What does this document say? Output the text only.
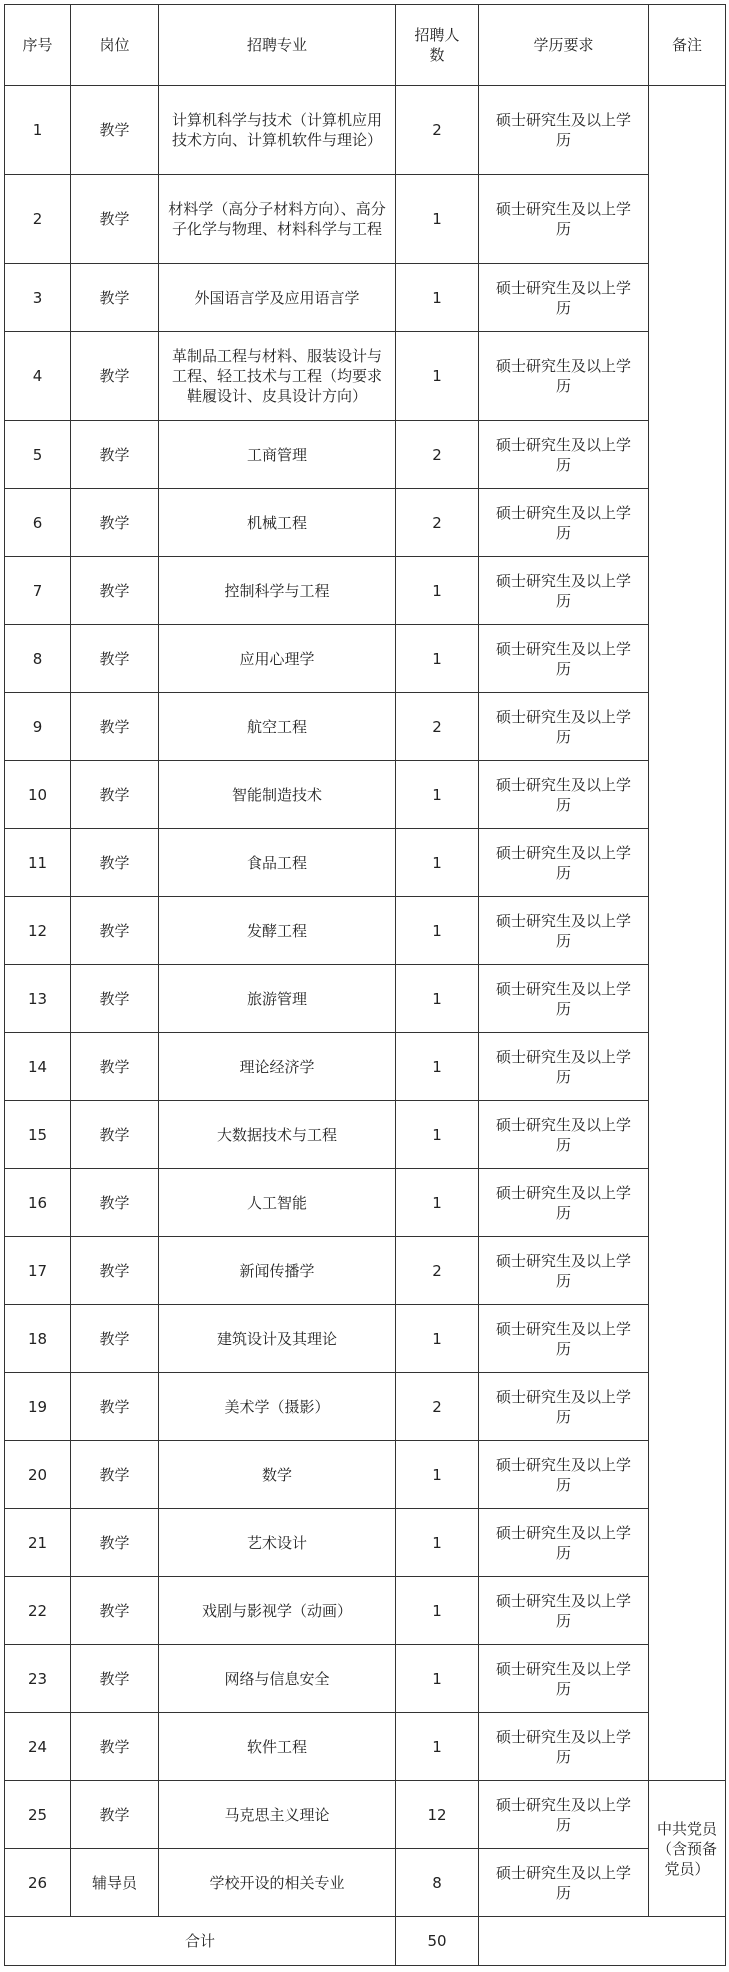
序号	岗位	招聘专业	招聘人数	学历要求	备注
1	教学	计算机科学与技术（计算机应用技术方向、计算机软件与理论）	2	硕士研究生及以上学历	
2	教学	材料学（高分子材料方向）、高分子化学与物理、材料科学与工程	1	硕士研究生及以上学历	
3	教学	外国语言学及应用语言学	1	硕士研究生及以上学历	
4	教学	革制品工程与材料、服装设计与工程、轻工技术与工程（均要求鞋履设计、皮具设计方向）	1	硕士研究生及以上学历	
5	教学	工商管理	2	硕士研究生及以上学历	
6	教学	机械工程	2	硕士研究生及以上学历	
7	教学	控制科学与工程	1	硕士研究生及以上学历	
8	教学	应用心理学	1	硕士研究生及以上学历	
9	教学	航空工程	2	硕士研究生及以上学历	
10	教学	智能制造技术	1	硕士研究生及以上学历	
11	教学	食品工程	1	硕士研究生及以上学历	
12	教学	发酵工程	1	硕士研究生及以上学历	
13	教学	旅游管理	1	硕士研究生及以上学历	
14	教学	理论经济学	1	硕士研究生及以上学历	
15	教学	大数据技术与工程	1	硕士研究生及以上学历	
16	教学	人工智能	1	硕士研究生及以上学历	
17	教学	新闻传播学	2	硕士研究生及以上学历	
18	教学	建筑设计及其理论	1	硕士研究生及以上学历	
19	教学	美术学（摄影）	2	硕士研究生及以上学历	
20	教学	数学	1	硕士研究生及以上学历	
21	教学	艺术设计	1	硕士研究生及以上学历	
22	教学	戏剧与影视学（动画）	1	硕士研究生及以上学历	
23	教学	网络与信息安全	1	硕士研究生及以上学历	
24	教学	软件工程	1	硕士研究生及以上学历	
25	教学	马克思主义理论	12	硕士研究生及以上学历	中共党员（含预备党员）
26	辅导员	学校开设的相关专业	8	硕士研究生及以上学历	
合计			50		
